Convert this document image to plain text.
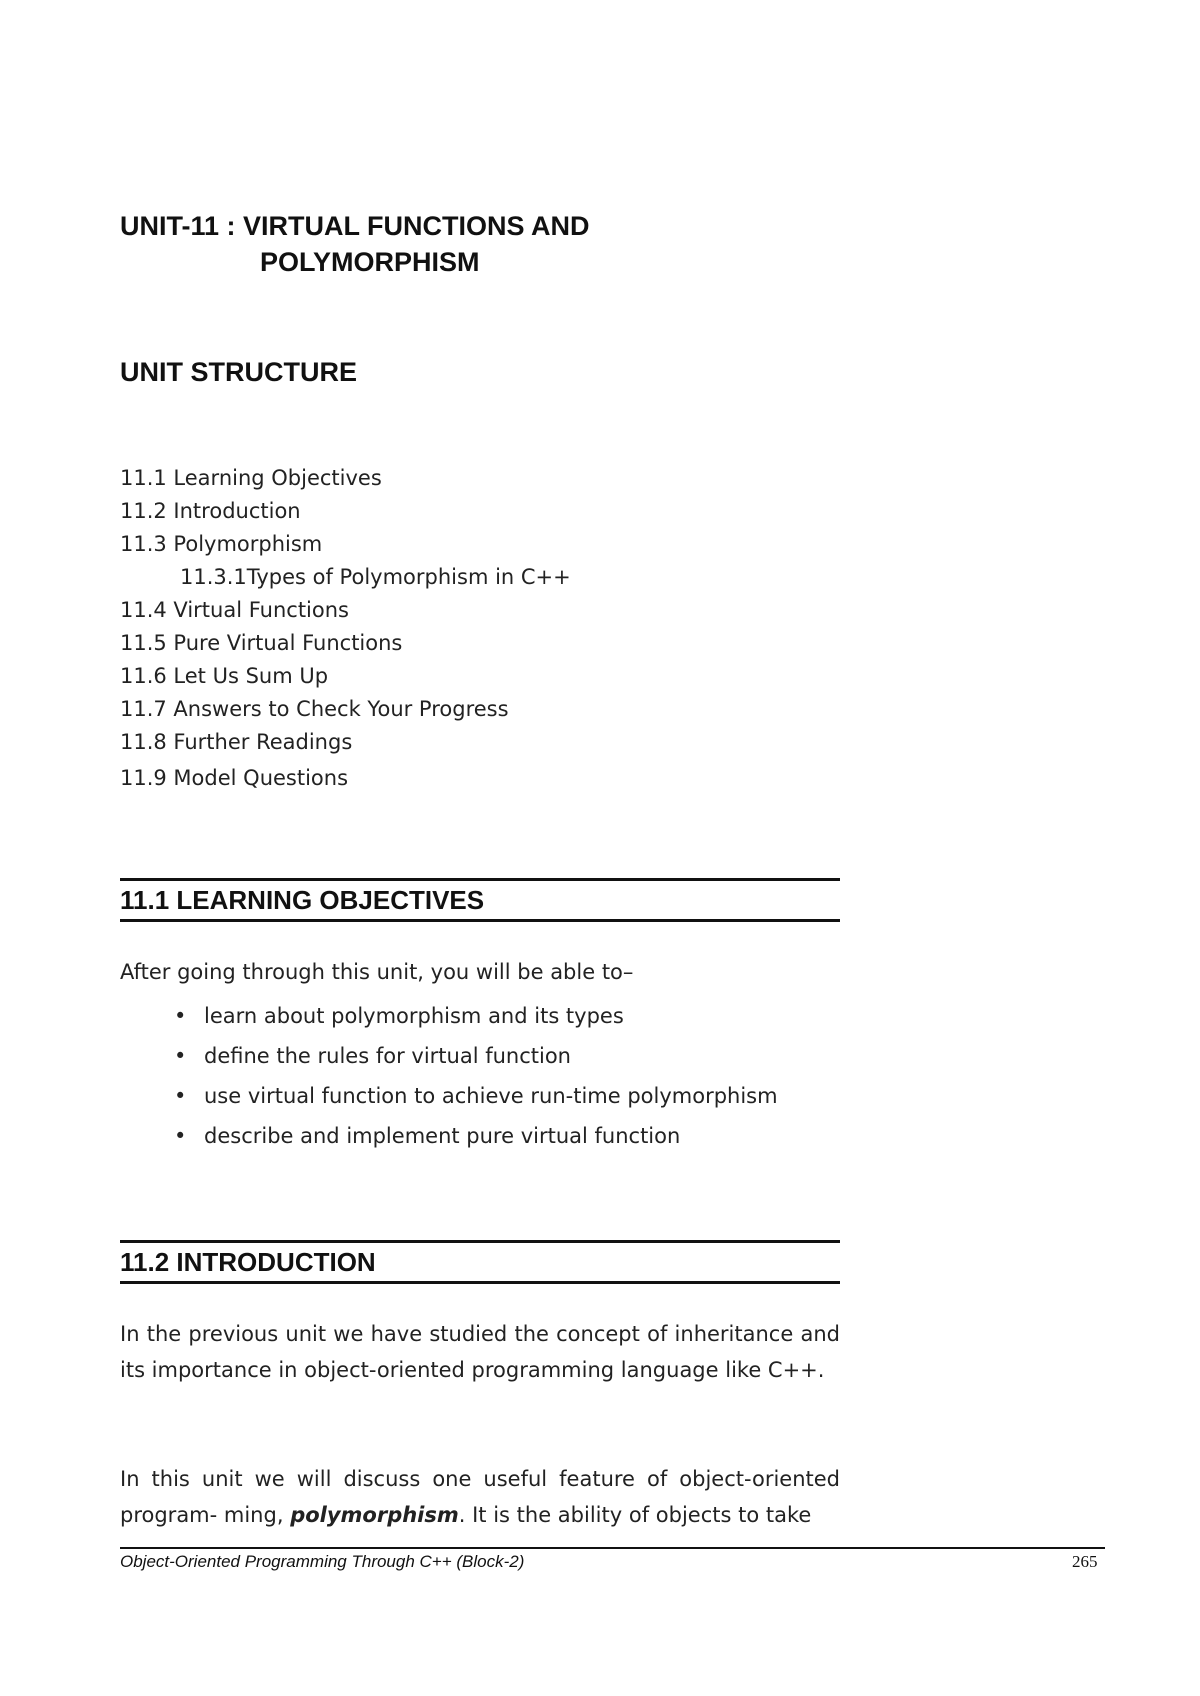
UNIT-11 : VIRTUAL FUNCTIONS AND
POLYMORPHISM
UNIT STRUCTURE
11.1 Learning Objectives
11.2 Introduction
11.3 Polymorphism
11.3.1Types of Polymorphism in C++
11.4 Virtual Functions
11.5 Pure Virtual Functions
11.6 Let Us Sum Up
11.7 Answers to Check Your Progress
11.8 Further Readings
11.9 Model Questions
11.1 LEARNING OBJECTIVES

After going through this unit, you will be able to–

• learn about polymorphism and its types
• define the rules for virtual function
• use virtual function to achieve run-time polymorphism
• describe and implement pure virtual function
11.2 INTRODUCTION

In the previous unit we have studied the concept of inheritance and its importance in object-oriented programming language like C++.

In this unit we will discuss one useful feature of object-oriented program- ming, polymorphism. It is the ability of objects to take

Object-Oriented Programming Through C++ (Block-2)	265
